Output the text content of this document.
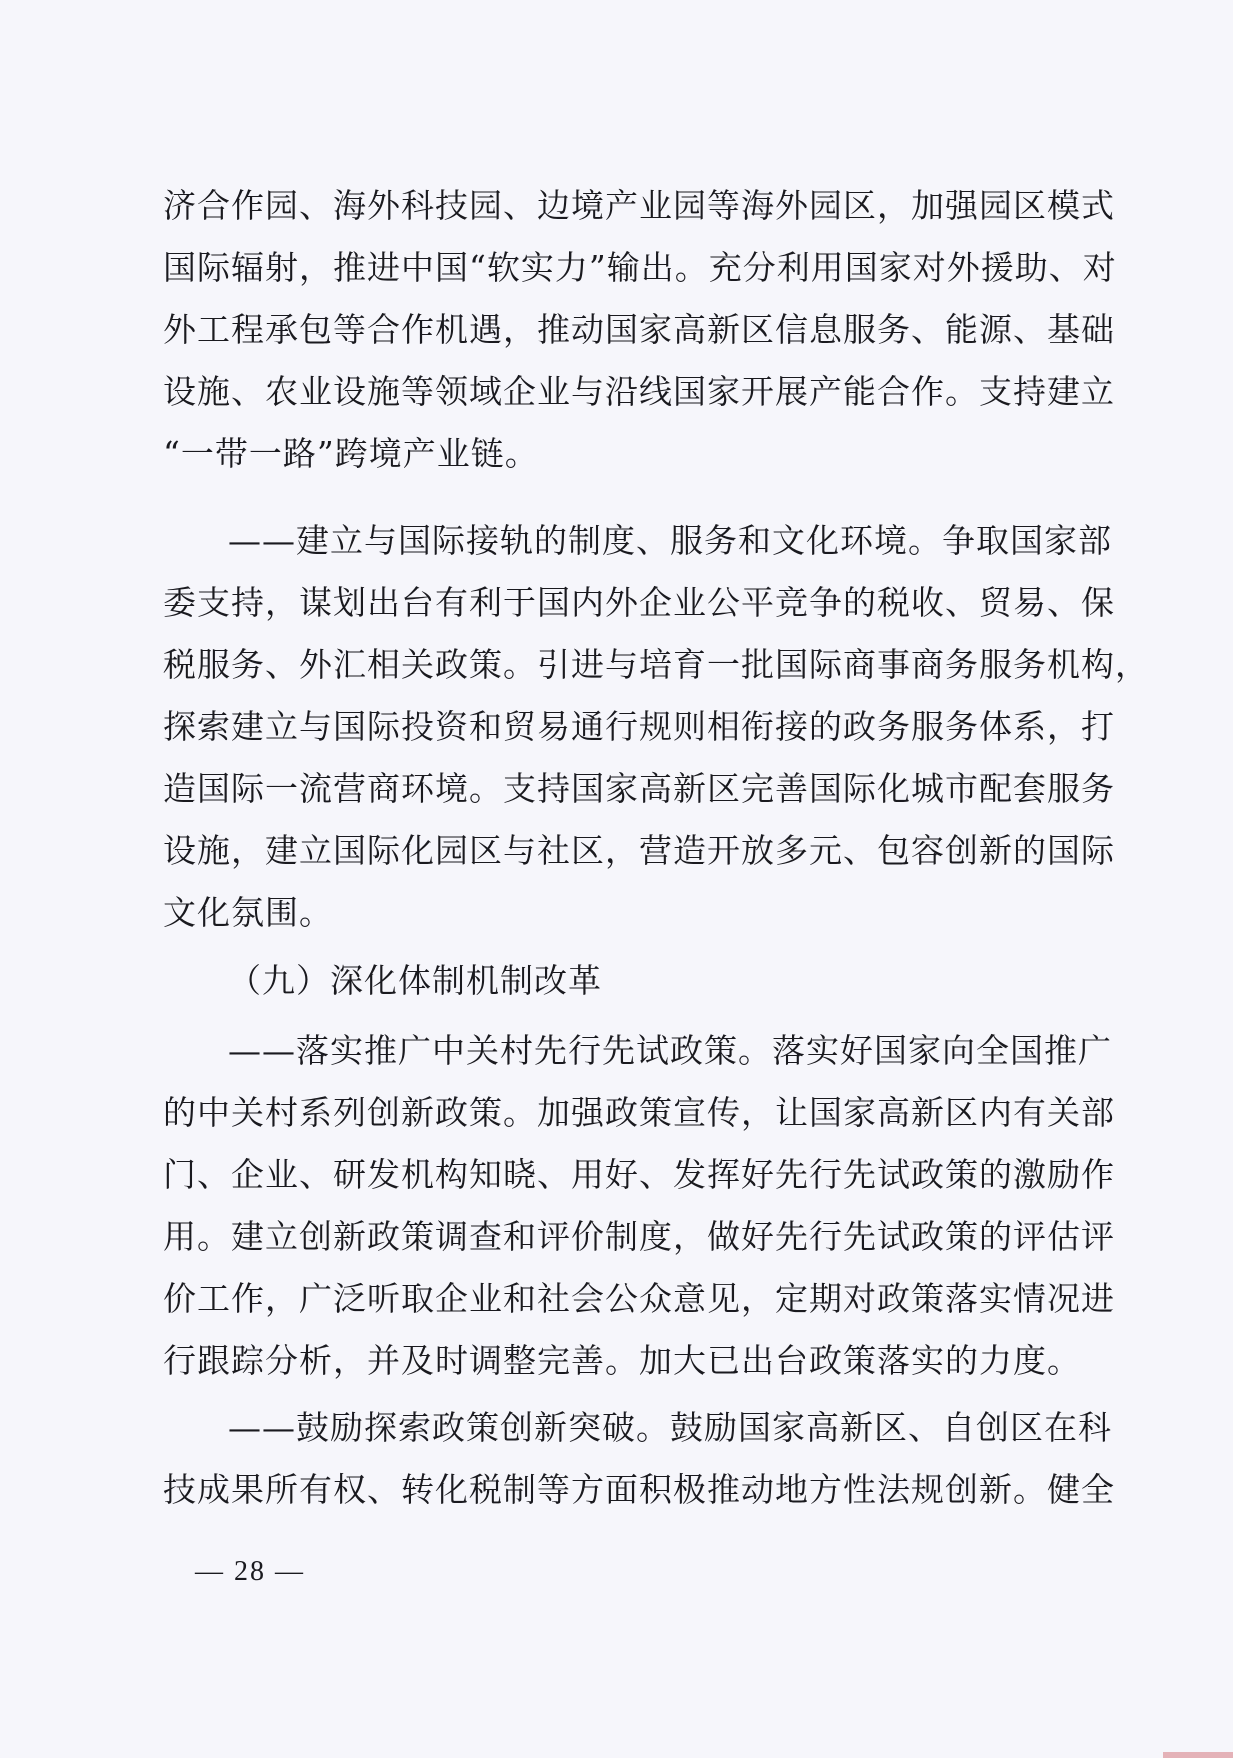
济合作园、海外科技园、边境产业园等海外园区，加强园区模式
国际辐射，推进中国“软实力”输出。充分利用国家对外援助、对
外工程承包等合作机遇，推动国家高新区信息服务、能源、基础
设施、农业设施等领域企业与沿线国家开展产能合作。支持建立
“一带一路”跨境产业链。
——建立与国际接轨的制度、服务和文化环境。争取国家部
委支持，谋划出台有利于国内外企业公平竞争的税收、贸易、保
税服务、外汇相关政策。引进与培育一批国际商事商务服务机构，
探索建立与国际投资和贸易通行规则相衔接的政务服务体系，打
造国际一流营商环境。支持国家高新区完善国际化城市配套服务
设施，建立国际化园区与社区，营造开放多元、包容创新的国际
文化氛围。
（九）深化体制机制改革
——落实推广中关村先行先试政策。落实好国家向全国推广
的中关村系列创新政策。加强政策宣传，让国家高新区内有关部
门、企业、研发机构知晓、用好、发挥好先行先试政策的激励作
用。建立创新政策调查和评价制度，做好先行先试政策的评估评
价工作，广泛听取企业和社会公众意见，定期对政策落实情况进
行跟踪分析，并及时调整完善。加大已出台政策落实的力度。
——鼓励探索政策创新突破。鼓励国家高新区、自创区在科
技成果所有权、转化税制等方面积极推动地方性法规创新。健全
— 28 —
